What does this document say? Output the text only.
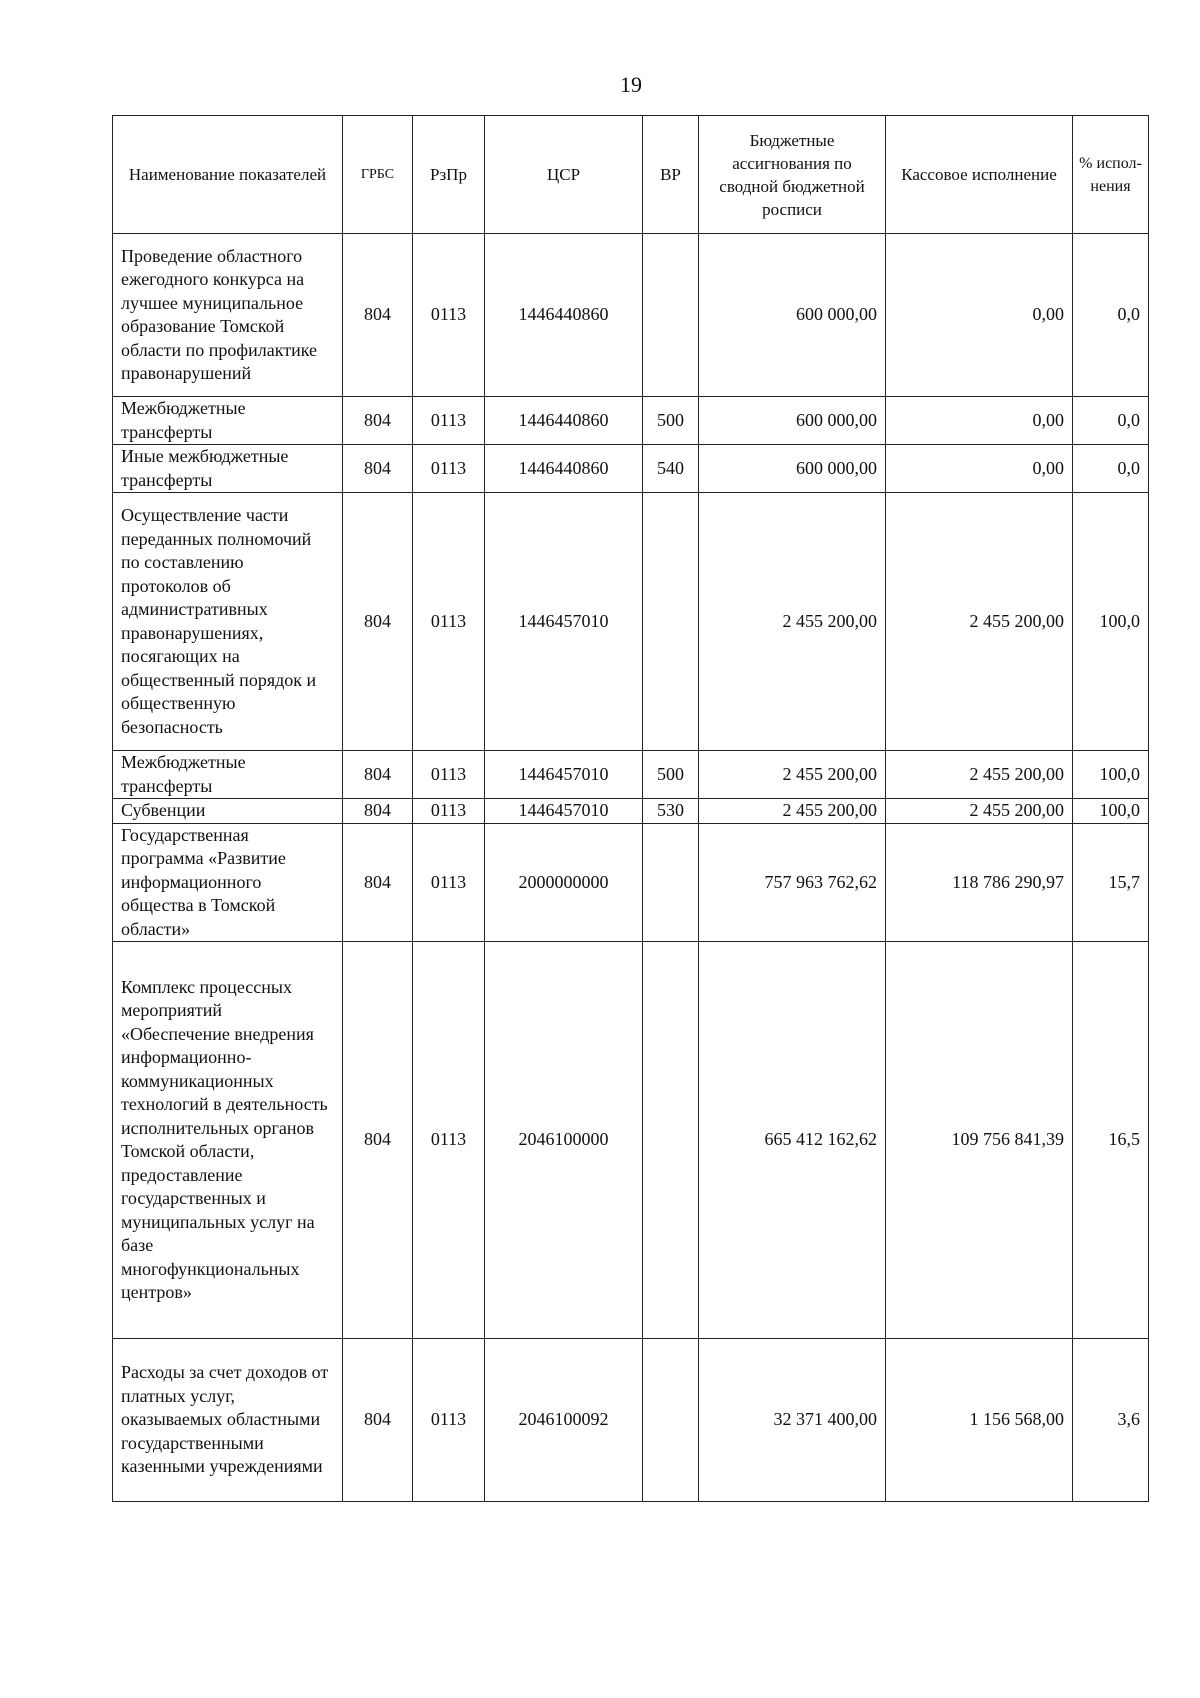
19
Наименование показателей	ГРБС	РзПр	ЦСР	ВР	Бюджетные ассигнования по сводной бюджетной росписи	Кассовое исполнение	% испол-нения
Проведение областного ежегодного конкурса на лучшее муниципальное образование Томской области по профилактике правонарушений	804	0113	1446440860		600 000,00	0,00	0,0
Межбюджетные трансферты	804	0113	1446440860	500	600 000,00	0,00	0,0
Иные межбюджетные трансферты	804	0113	1446440860	540	600 000,00	0,00	0,0
Осуществление части переданных полномочий по составлению протоколов об административных правонарушениях, посягающих на общественный порядок и общественную безопасность	804	0113	1446457010		2 455 200,00	2 455 200,00	100,0
Межбюджетные трансферты	804	0113	1446457010	500	2 455 200,00	2 455 200,00	100,0
Субвенции	804	0113	1446457010	530	2 455 200,00	2 455 200,00	100,0
Государственная программа «Развитие информационного общества в Томской области»	804	0113	2000000000		757 963 762,62	118 786 290,97	15,7
Комплекс процессных мероприятий «Обеспечение внедрения информационно-коммуникационных технологий в деятельность исполнительных органов Томской области, предоставление государственных и муниципальных услуг на базе многофункциональных центров»	804	0113	2046100000		665 412 162,62	109 756 841,39	16,5
Расходы за счет доходов от платных услуг, оказываемых областными государственными казенными учреждениями	804	0113	2046100092		32 371 400,00	1 156 568,00	3,6
